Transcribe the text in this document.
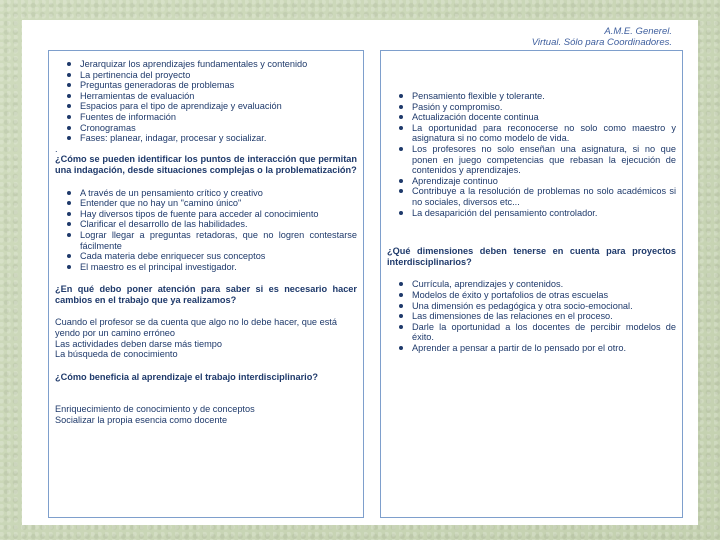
A.M.E. Generel.
Virtual. Sólo para Coordinadores.
Jerarquizar los aprendizajes fundamentales y contenido
La pertinencia del proyecto
Preguntas generadoras de problemas
Herramientas de evaluación
Espacios para el tipo de aprendizaje y evaluación
Fuentes de información
Cronogramas
Fases: planear, indagar, procesar y socializar.
.
¿Cómo se pueden identificar los puntos de interacción que permitan una indagación, desde situaciones complejas o la problematización?
A través de un pensamiento crítico y creativo
Entender que no hay un "camino único"
Hay diversos tipos de fuente para acceder al conocimiento
Clarificar el desarrollo de las habilidades.
Lograr llegar a preguntas retadoras, que no logren contestarse fácilmente
Cada materia debe enriquecer sus conceptos
El maestro es el principal investigador.
¿En qué debo poner atención para saber si es necesario hacer cambios en el trabajo que ya realizamos?
Cuando el profesor se da cuenta que algo no lo debe hacer, que está yendo por un camino erróneo
Las actividades deben darse más tiempo
La búsqueda de conocimiento
¿Cómo beneficia al aprendizaje el trabajo interdisciplinario?
Enriquecimiento de conocimiento y de conceptos
Socializar la propia esencia como docente
Pensamiento flexible y tolerante.
Pasión y compromiso.
Actualización docente continua
La oportunidad para reconocerse no solo como maestro y asignatura si no como modelo de vida.
Los profesores no solo enseñan una asignatura, si no que ponen en juego competencias que rebasan la ejecución de contenidos y aprendizajes.
Aprendizaje continuo
Contribuye a la resolución de problemas no solo académicos si no sociales, diversos etc...
La desaparición del pensamiento controlador.
¿Qué dimensiones deben tenerse en cuenta para proyectos interdisciplinarios?
Currícula, aprendizajes y contenidos.
Modelos de éxito y portafolios de otras escuelas
Una dimensión es pedagógica y otra socio-emocional.
Las dimensiones de las relaciones en el proceso.
Darle la oportunidad a los docentes de percibir modelos de éxito.
Aprender a pensar a partir de lo pensado por el otro.
